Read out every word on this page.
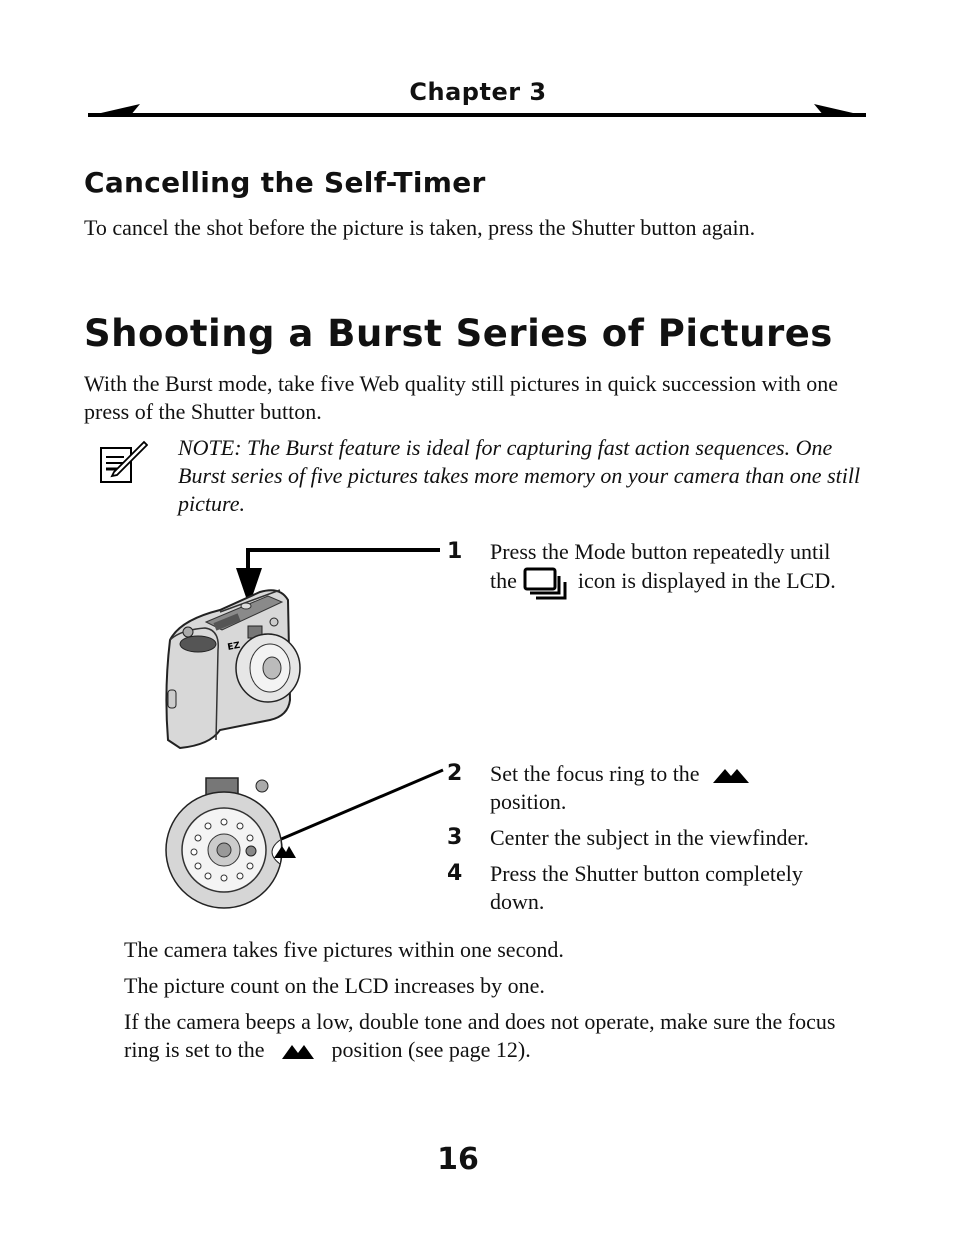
Chapter 3
Cancelling the Self-Timer
To cancel the shot before the picture is taken, press the Shutter button again.
Shooting a Burst Series of Pictures
With the Burst mode, take five Web quality still pictures in quick succession with one press of the Shutter button.
NOTE: The Burst feature is ideal for capturing fast action sequences. One Burst series of five pictures takes more memory on your camera than one still picture.
EZ
1 Press the Mode button repeatedly until the	icon is displayed in the LCD.
2 Set the focus ring to the  position.
3 Center the subject in the viewfinder.
4 Press the Shutter button completely down.
The camera takes five pictures within one second.
The picture count on the LCD increases by one.
If the camera beeps a low, double tone and does not operate, make sure the focus ring is set to the	position (see page 12).
16
